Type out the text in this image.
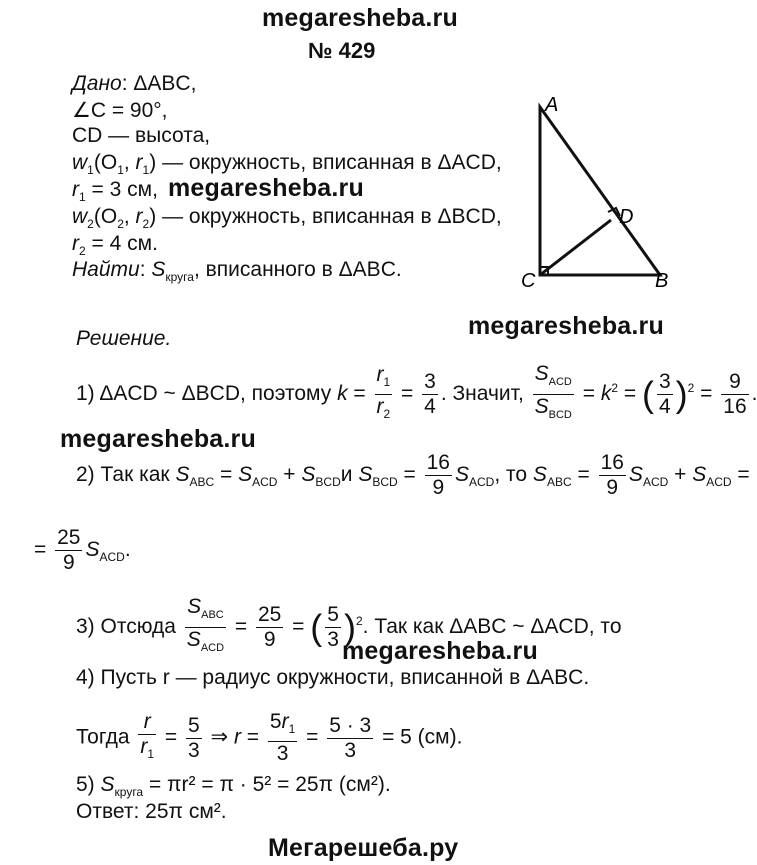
megaresheba.ru
megaresheba.ru
megaresheba.ru
megaresheba.ru
megaresheba.ru
Мегарешеба.ру
№ 429
Дано: ΔABC,
∠C = 90°,
CD — высота,
$w_1(O_1$, $r_1$) — окружность, вписанная в ΔACD,
$r_1 = 3$ см,
$w_2(O_2$, $r_2$) — окружность, вписанная в ΔBCD,
$r_2 = 4$ см.
Найти: $S_{круга}$, вписанного в ΔABC.
A
D
C	B
Решение.
1) ΔACD ~ ΔBCD, поэтому $k = \frac{r_1}{r_2} = \frac{3}{4}$ . Значит, $\frac{S_{ACD}}{S_{BCD}} = k^2$ = ( $\frac{3}{4} )^2 = \frac{9}{16}$ .
2) Так как $S_{ABC} = S_{ACD} + S_{BCD}и$ $S_{BCD} = \frac{16}{9} S_{ACD}$, то $S_{ABC} = \frac{16}{9} S_{ACD} + S_{ACD}$ =
= $\frac{25}{9} S_{ACD}$.
3) Отсюда $\frac{S_{ABC}}{S_{ACD}} = \frac{25}{9}$ = ( $\frac{5}{3} )^2$. Так как ΔABC ~ ΔACD, то
4) Пусть r — радиус окружности, вписанной в ΔABC.
Тогда $\frac{r}{r_1} = \frac{5}{3}$ ⇒ $r = \frac{5r_1}{3} = \frac{5 \cdot 3}{3} = 5$ (см).
5) $S_{круга} = \pi r^2 = \pi \cdot 5^2 = 25\pi$ (см²).
Ответ: 25π см².
